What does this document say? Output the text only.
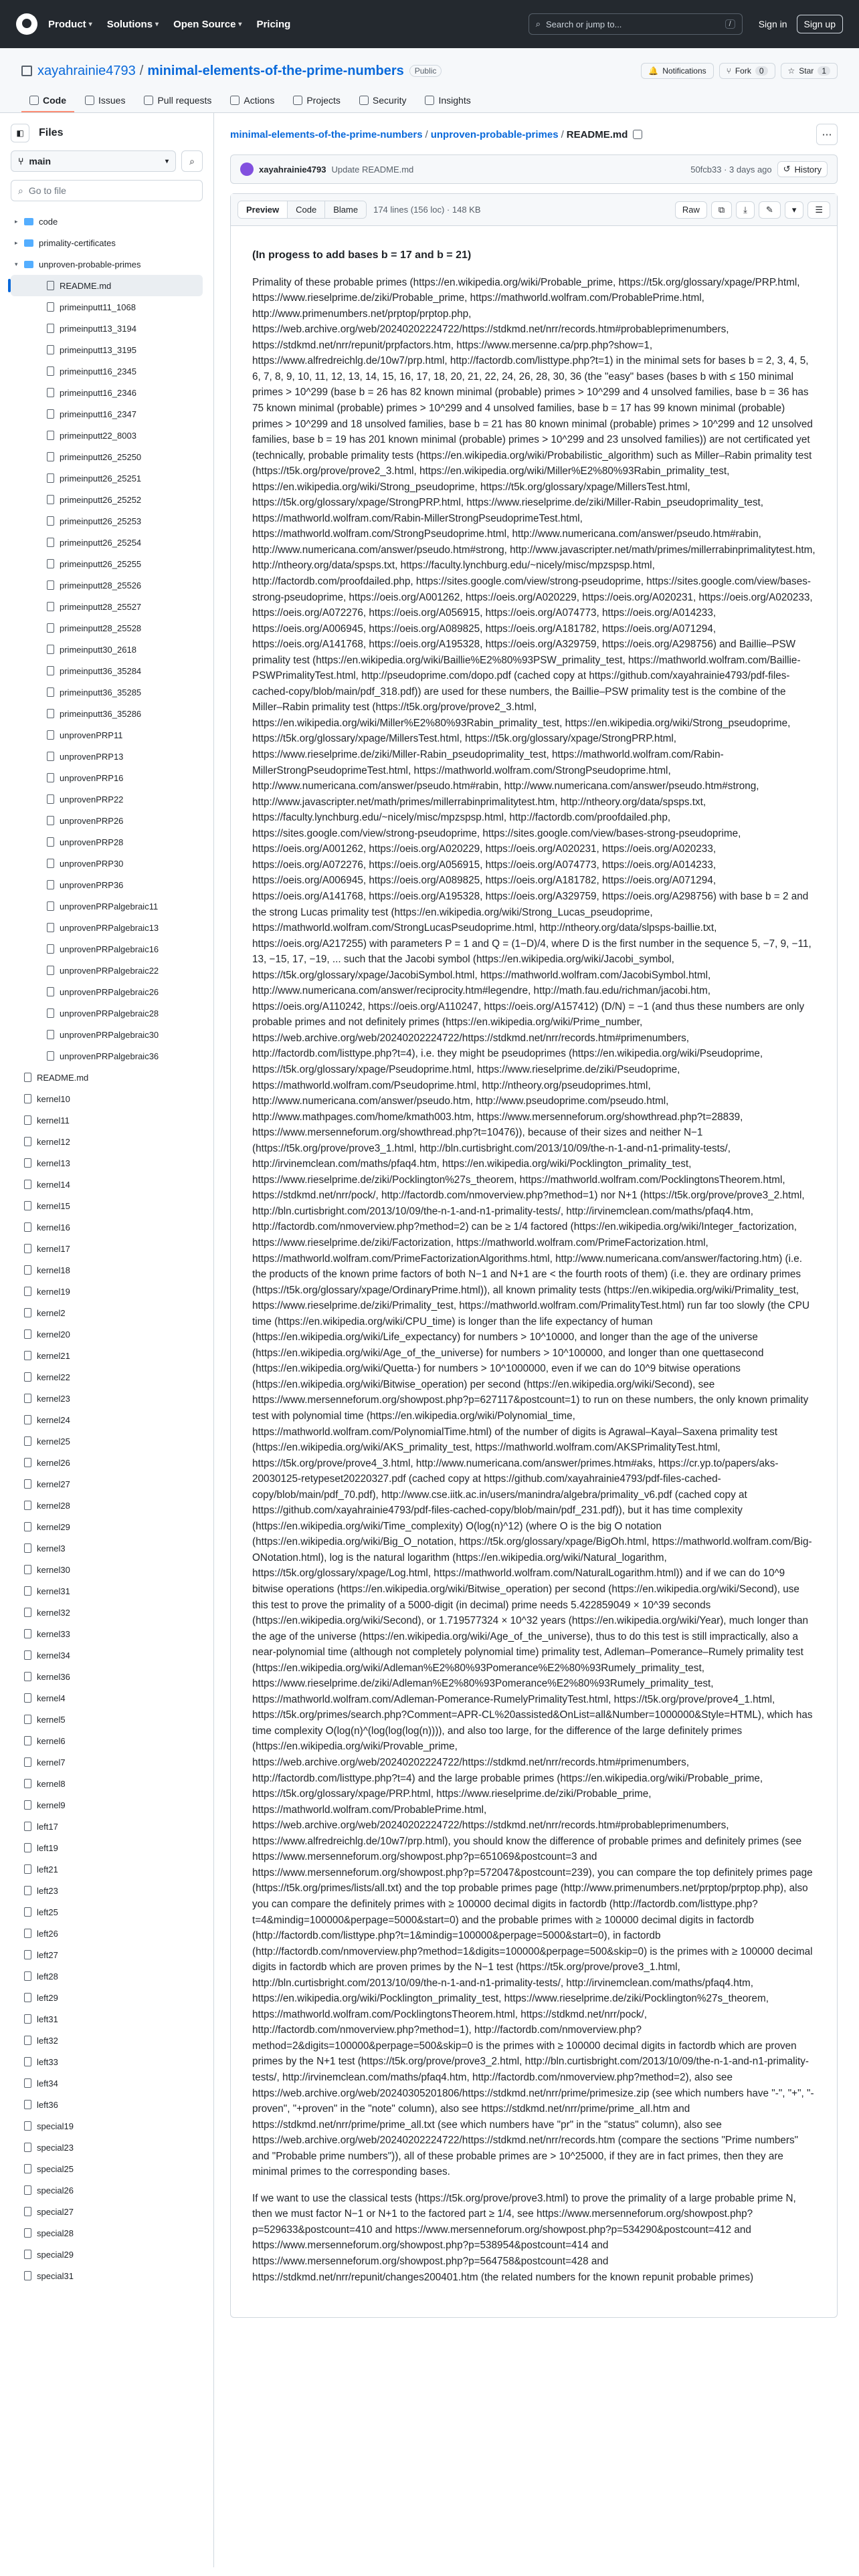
Product ▾ Solutions ▾ Open Source ▾ Pricing	⌕ Search or jump to...	/	Sign in	Sign up
xayahrainie4793 / minimal-elements-of-the-prime-numbers	Public	🔔 Notifications	⑂ Fork	0	☆ Star	1
Code	Issues	Pull requests	Actions	Projects	Security	Insights
◧	Files
⑂ main	▾ ⌕
⌕ Go to file
▸	code
▸	primality-certificates
▾	unproven-probable-primes
README.md
primeinputt11_1068
primeinputt13_3194
primeinputt13_3195
primeinputt16_2345
primeinputt16_2346
primeinputt16_2347
primeinputt22_8003
primeinputt26_25250
primeinputt26_25251
primeinputt26_25252
primeinputt26_25253
primeinputt26_25254
primeinputt26_25255
primeinputt28_25526
primeinputt28_25527
primeinputt28_25528
primeinputt30_2618
primeinputt36_35284
primeinputt36_35285
primeinputt36_35286
unprovenPRP11
unprovenPRP13
unprovenPRP16
unprovenPRP22
unprovenPRP26
unprovenPRP28
unprovenPRP30
unprovenPRP36
unprovenPRPalgebraic11
unprovenPRPalgebraic13
unprovenPRPalgebraic16
unprovenPRPalgebraic22
unprovenPRPalgebraic26
unprovenPRPalgebraic28
unprovenPRPalgebraic30
unprovenPRPalgebraic36
README.md
kernel10
kernel11
kernel12
kernel13
kernel14
kernel15
kernel16
kernel17
kernel18
kernel19
kernel2
kernel20
kernel21
kernel22
kernel23
kernel24
kernel25
kernel26
kernel27
kernel28
kernel29
kernel3
kernel30
kernel31
kernel32
kernel33
kernel34
kernel36
kernel4
kernel5
kernel6
kernel7
kernel8
kernel9
left17
left19
left21
left23
left25
left26
left27
left28
left29
left31
left32
left33
left34
left36
special19
special23
special25
special26
special27
special28
special29
special31
minimal-elements-of-the-prime-numbers / unproven-probable-primes / README.md	⋯
xayahrainie4793 Update README.md	50fcb33 · 3 days ago ↺ History
Preview	Code	Blame	174 lines (156 loc) · 148 KB	Raw	⧉	⤓	✎	▾	☰
(In progess to add bases b = 17 and b = 21)

Primality of these probable primes (https://en.wikipedia.org/wiki/Probable_prime, https://t5k.org/glossary/xpage/PRP.html, https://www.rieselprime.de/ziki/Probable_prime, https://mathworld.wolfram.com/ProbablePrime.html, http://www.primenumbers.net/prptop/prptop.php, https://web.archive.org/web/20240202224722/https://stdkmd.net/nrr/records.htm#probableprimenumbers, https://stdkmd.net/nrr/repunit/prpfactors.htm, https://www.mersenne.ca/prp.php?show=1, https://www.alfredreichlg.de/10w7/prp.html, http://factordb.com/listtype.php?t=1) in the minimal sets for bases b = 2, 3, 4, 5, 6, 7, 8, 9, 10, 11, 12, 13, 14, 15, 16, 17, 18, 20, 21, 22, 24, 26, 28, 30, 36 (the "easy" bases (bases b with ≤ 150 minimal primes > 10^299 (base b = 26 has 82 known minimal (probable) primes > 10^299 and 4 unsolved families, base b = 36 has 75 known minimal (probable) primes > 10^299 and 4 unsolved families, base b = 17 has 99 known minimal (probable) primes > 10^299 and 18 unsolved families, base b = 21 has 80 known minimal (probable) primes > 10^299 and 12 unsolved families, base b = 19 has 201 known minimal (probable) primes > 10^299 and 23 unsolved families)) are not certificated yet (technically, probable primality tests (https://en.wikipedia.org/wiki/Probabilistic_algorithm) such as Miller–Rabin primality test (https://t5k.org/prove/prove2_3.html, https://en.wikipedia.org/wiki/Miller%E2%80%93Rabin_primality_test, https://en.wikipedia.org/wiki/Strong_pseudoprime, https://t5k.org/glossary/xpage/MillersTest.html, https://t5k.org/glossary/xpage/StrongPRP.html, https://www.rieselprime.de/ziki/Miller-Rabin_pseudoprimality_test, https://mathworld.wolfram.com/Rabin-MillerStrongPseudoprimeTest.html, https://mathworld.wolfram.com/StrongPseudoprime.html, http://www.numericana.com/answer/pseudo.htm#rabin, http://www.numericana.com/answer/pseudo.htm#strong, http://www.javascripter.net/math/primes/millerrabinprimalitytest.htm, http://ntheory.org/data/spsps.txt, https://faculty.lynchburg.edu/~nicely/misc/mpzspsp.html, http://factordb.com/proofdailed.php, https://sites.google.com/view/strong-pseudoprime, https://sites.google.com/view/bases-strong-pseudoprime, https://oeis.org/A001262, https://oeis.org/A020229, https://oeis.org/A020231, https://oeis.org/A020233, https://oeis.org/A072276, https://oeis.org/A056915, https://oeis.org/A074773, https://oeis.org/A014233, https://oeis.org/A006945, https://oeis.org/A089825, https://oeis.org/A181782, https://oeis.org/A071294, https://oeis.org/A141768, https://oeis.org/A195328, https://oeis.org/A329759, https://oeis.org/A298756) and Baillie–PSW primality test (https://en.wikipedia.org/wiki/Baillie%E2%80%93PSW_primality_test, https://mathworld.wolfram.com/Baillie-PSWPrimalityTest.html, http://pseudoprime.com/dopo.pdf (cached copy at https://github.com/xayahrainie4793/pdf-files-cached-copy/blob/main/pdf_318.pdf)) are used for these numbers, the Baillie–PSW primality test is the combine of the Miller–Rabin primality test (https://t5k.org/prove/prove2_3.html, https://en.wikipedia.org/wiki/Miller%E2%80%93Rabin_primality_test, https://en.wikipedia.org/wiki/Strong_pseudoprime, https://t5k.org/glossary/xpage/MillersTest.html, https://t5k.org/glossary/xpage/StrongPRP.html, https://www.rieselprime.de/ziki/Miller-Rabin_pseudoprimality_test, https://mathworld.wolfram.com/Rabin-MillerStrongPseudoprimeTest.html, https://mathworld.wolfram.com/StrongPseudoprime.html, http://www.numericana.com/answer/pseudo.htm#rabin, http://www.numericana.com/answer/pseudo.htm#strong, http://www.javascripter.net/math/primes/millerrabinprimalitytest.htm, http://ntheory.org/data/spsps.txt, https://faculty.lynchburg.edu/~nicely/misc/mpzspsp.html, http://factordb.com/proofdailed.php, https://sites.google.com/view/strong-pseudoprime, https://sites.google.com/view/bases-strong-pseudoprime, https://oeis.org/A001262, https://oeis.org/A020229, https://oeis.org/A020231, https://oeis.org/A020233, https://oeis.org/A072276, https://oeis.org/A056915, https://oeis.org/A074773, https://oeis.org/A014233, https://oeis.org/A006945, https://oeis.org/A089825, https://oeis.org/A181782, https://oeis.org/A071294, https://oeis.org/A141768, https://oeis.org/A195328, https://oeis.org/A329759, https://oeis.org/A298756) with base b = 2 and the strong Lucas primality test (https://en.wikipedia.org/wiki/Strong_Lucas_pseudoprime, https://mathworld.wolfram.com/StrongLucasPseudoprime.html, http://ntheory.org/data/slpsps-baillie.txt, https://oeis.org/A217255) with parameters P = 1 and Q = (1−D)/4, where D is the first number in the sequence 5, −7, 9, −11, 13, −15, 17, −19, ... such that the Jacobi symbol (https://en.wikipedia.org/wiki/Jacobi_symbol, https://t5k.org/glossary/xpage/JacobiSymbol.html, https://mathworld.wolfram.com/JacobiSymbol.html, http://www.numericana.com/answer/reciprocity.htm#legendre, http://math.fau.edu/richman/jacobi.htm, https://oeis.org/A110242, https://oeis.org/A110247, https://oeis.org/A157412) (D/N) = −1 (and thus these numbers are only probable primes and not definitely primes (https://en.wikipedia.org/wiki/Prime_number, https://web.archive.org/web/20240202224722/https://stdkmd.net/nrr/records.htm#primenumbers, http://factordb.com/listtype.php?t=4), i.e. they might be pseudoprimes (https://en.wikipedia.org/wiki/Pseudoprime, https://t5k.org/glossary/xpage/Pseudoprime.html, https://www.rieselprime.de/ziki/Pseudoprime, https://mathworld.wolfram.com/Pseudoprime.html, http://ntheory.org/pseudoprimes.html, http://www.numericana.com/answer/pseudo.htm, http://www.pseudoprime.com/pseudo.html, http://www.mathpages.com/home/kmath003.htm, https://www.mersenneforum.org/showthread.php?t=28839, https://www.mersenneforum.org/showthread.php?t=10476)), because of their sizes and neither N−1 (https://t5k.org/prove/prove3_1.html, http://bln.curtisbright.com/2013/10/09/the-n-1-and-n1-primality-tests/, http://irvinemclean.com/maths/pfaq4.htm, https://en.wikipedia.org/wiki/Pocklington_primality_test, https://www.rieselprime.de/ziki/Pocklington%27s_theorem, https://mathworld.wolfram.com/PocklingtonsTheorem.html, https://stdkmd.net/nrr/pock/, http://factordb.com/nmoverview.php?method=1) nor N+1 (https://t5k.org/prove/prove3_2.html, http://bln.curtisbright.com/2013/10/09/the-n-1-and-n1-primality-tests/, http://irvinemclean.com/maths/pfaq4.htm, http://factordb.com/nmoverview.php?method=2) can be ≥ 1/4 factored (https://en.wikipedia.org/wiki/Integer_factorization, https://www.rieselprime.de/ziki/Factorization, https://mathworld.wolfram.com/PrimeFactorization.html, https://mathworld.wolfram.com/PrimeFactorizationAlgorithms.html, http://www.numericana.com/answer/factoring.htm) (i.e. the products of the known prime factors of both N−1 and N+1 are < the fourth roots of them) (i.e. they are ordinary primes (https://t5k.org/glossary/xpage/OrdinaryPrime.html)), all known primality tests (https://en.wikipedia.org/wiki/Primality_test, https://www.rieselprime.de/ziki/Primality_test, https://mathworld.wolfram.com/PrimalityTest.html) run far too slowly (the CPU time (https://en.wikipedia.org/wiki/CPU_time) is longer than the life expectancy of human (https://en.wikipedia.org/wiki/Life_expectancy) for numbers > 10^10000, and longer than the age of the universe (https://en.wikipedia.org/wiki/Age_of_the_universe) for numbers > 10^100000, and longer than one quettasecond (https://en.wikipedia.org/wiki/Quetta-) for numbers > 10^1000000, even if we can do 10^9 bitwise operations (https://en.wikipedia.org/wiki/Bitwise_operation) per second (https://en.wikipedia.org/wiki/Second), see https://www.mersenneforum.org/showpost.php?p=627117&postcount=1) to run on these numbers, the only known primality test with polynomial time (https://en.wikipedia.org/wiki/Polynomial_time, https://mathworld.wolfram.com/PolynomialTime.html) of the number of digits is Agrawal–Kayal–Saxena primality test (https://en.wikipedia.org/wiki/AKS_primality_test, https://mathworld.wolfram.com/AKSPrimalityTest.html, https://t5k.org/prove/prove4_3.html, http://www.numericana.com/answer/primes.htm#aks, https://cr.yp.to/papers/aks-20030125-retypeset20220327.pdf (cached copy at https://github.com/xayahrainie4793/pdf-files-cached-copy/blob/main/pdf_70.pdf), http://www.cse.iitk.ac.in/users/manindra/algebra/primality_v6.pdf (cached copy at https://github.com/xayahrainie4793/pdf-files-cached-copy/blob/main/pdf_231.pdf)), but it has time complexity (https://en.wikipedia.org/wiki/Time_complexity) O(log(n)^12) (where O is the big O notation (https://en.wikipedia.org/wiki/Big_O_notation, https://t5k.org/glossary/xpage/BigOh.html, https://mathworld.wolfram.com/Big-ONotation.html), log is the natural logarithm (https://en.wikipedia.org/wiki/Natural_logarithm, https://t5k.org/glossary/xpage/Log.html, https://mathworld.wolfram.com/NaturalLogarithm.html)) and if we can do 10^9 bitwise operations (https://en.wikipedia.org/wiki/Bitwise_operation) per second (https://en.wikipedia.org/wiki/Second), use this test to prove the primality of a 5000-digit (in decimal) prime needs 5.422859049 × 10^39 seconds (https://en.wikipedia.org/wiki/Second), or 1.719577324 × 10^32 years (https://en.wikipedia.org/wiki/Year), much longer than the age of the universe (https://en.wikipedia.org/wiki/Age_of_the_universe), thus to do this test is still impractically, also a near-polynomial time (although not completely polynomial time) primality test, Adleman–Pomerance–Rumely primality test (https://en.wikipedia.org/wiki/Adleman%E2%80%93Pomerance%E2%80%93Rumely_primality_test, https://www.rieselprime.de/ziki/Adleman%E2%80%93Pomerance%E2%80%93Rumely_primality_test, https://mathworld.wolfram.com/Adleman-Pomerance-RumelyPrimalityTest.html, https://t5k.org/prove/prove4_1.html, https://t5k.org/primes/search.php?Comment=APR-CL%20assisted&OnList=all&Number=1000000&Style=HTML), which has time complexity O(log(n)^(log(log(log(n)))), and also too large, for the difference of the large definitely primes (https://en.wikipedia.org/wiki/Provable_prime, https://web.archive.org/web/20240202224722/https://stdkmd.net/nrr/records.htm#primenumbers, http://factordb.com/listtype.php?t=4) and the large probable primes (https://en.wikipedia.org/wiki/Probable_prime, https://t5k.org/glossary/xpage/PRP.html, https://www.rieselprime.de/ziki/Probable_prime, https://mathworld.wolfram.com/ProbablePrime.html, https://web.archive.org/web/20240202224722/https://stdkmd.net/nrr/records.htm#probableprimenumbers, https://www.alfredreichlg.de/10w7/prp.html), you should know the difference of probable primes and definitely primes (see https://www.mersenneforum.org/showpost.php?p=651069&postcount=3 and https://www.mersenneforum.org/showpost.php?p=572047&postcount=239), you can compare the top definitely primes page (https://t5k.org/primes/lists/all.txt) and the top probable primes page (http://www.primenumbers.net/prptop/prptop.php), also you can compare the definitely primes with ≥ 100000 decimal digits in factordb (http://factordb.com/listtype.php?t=4&mindig=100000&perpage=5000&start=0) and the probable primes with ≥ 100000 decimal digits in factordb (http://factordb.com/listtype.php?t=1&mindig=100000&perpage=5000&start=0), in factordb (http://factordb.com/nmoverview.php?method=1&digits=100000&perpage=500&skip=0) is the primes with ≥ 100000 decimal digits in factordb which are proven primes by the N−1 test (https://t5k.org/prove/prove3_1.html, http://bln.curtisbright.com/2013/10/09/the-n-1-and-n1-primality-tests/, http://irvinemclean.com/maths/pfaq4.htm, https://en.wikipedia.org/wiki/Pocklington_primality_test, https://www.rieselprime.de/ziki/Pocklington%27s_theorem, https://mathworld.wolfram.com/PocklingtonsTheorem.html, https://stdkmd.net/nrr/pock/, http://factordb.com/nmoverview.php?method=1), http://factordb.com/nmoverview.php?method=2&digits=100000&perpage=500&skip=0 is the primes with ≥ 100000 decimal digits in factordb which are proven primes by the N+1 test (https://t5k.org/prove/prove3_2.html, http://bln.curtisbright.com/2013/10/09/the-n-1-and-n1-primality-tests/, http://irvinemclean.com/maths/pfaq4.htm, http://factordb.com/nmoverview.php?method=2), also see https://web.archive.org/web/20240305201806/https://stdkmd.net/nrr/prime/primesize.zip (see which numbers have "-", "+", "-proven", "+proven" in the "note" column), also see https://stdkmd.net/nrr/prime/prime_all.htm and https://stdkmd.net/nrr/prime/prime_all.txt (see which numbers have "pr" in the "status" column), also see https://web.archive.org/web/20240202224722/https://stdkmd.net/nrr/records.htm (compare the sections "Prime numbers" and "Probable prime numbers")), all of these probable primes are > 10^25000, if they are in fact primes, then they are minimal primes to the corresponding bases.

If we want to use the classical tests (https://t5k.org/prove/prove3.html) to prove the primality of a large probable prime N, then we must factor N−1 or N+1 to the factored part ≥ 1/4, see https://www.mersenneforum.org/showpost.php?p=529633&postcount=410 and https://www.mersenneforum.org/showpost.php?p=534290&postcount=412 and https://www.mersenneforum.org/showpost.php?p=538954&postcount=414 and https://www.mersenneforum.org/showpost.php?p=564758&postcount=428 and https://stdkmd.net/nrr/repunit/changes200401.htm (the related numbers for the known repunit probable primes)
